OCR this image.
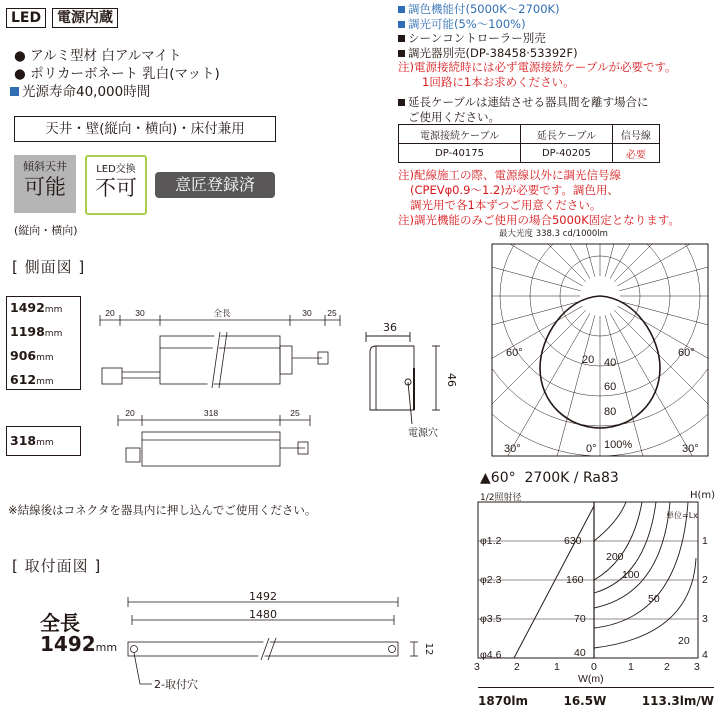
LED	電源内蔵
● アルミ型材 白アルマイト
● ポリカーボネート 乳白(マット)
光源寿命40,000時間
天井・壁(縦向・横向)・床付兼用
傾斜天井
可能
(縦向・横向)
LED交換
不可	意匠登録済
調色機能付(5000K〜2700K)
調光可能(5%〜100%)
シーンコントローラー別売
調光器別売(DP-38458·53392F)
注)電源接続時には必ず電源接続ケーブルが必要です。
1回路に1本お求めください。
延長ケーブルは連結させる器具間を離す場合に
ご使用ください。
電源接続ケーブル	延長ケーブル	信号線
DP-40175	DP-40205	必要
注)配線施工の際、電源線以外に調光信号線
(CPEVφ0.9〜1.2)が必要です。調色用、
調光用で各1本ずつご用意ください。
注)調光機能のみご使用の場合5000K固定となります。
[ 側面図 ]
1492mm
1198mm
906mm
612mm
318mm
20 30	全長	30 25
20	318	25
36
46
電源穴
※結線後はコネクタを器具内に押し込んでご使用ください。
[ 取付面図 ]
全長
1492mm
1492
1480
12
2-取付穴
最大光度 338.3 cd/1000lm
20 40
60
80
100%
60°	60°
30°	0°	30°
▲60° 2700K / Ra83
1/2照射径	H(m)
φ1.2
φ2.3
φ3.5
φ4.6
1
2
3
4
630
200
160	100
70
50
40
20
3	2	1	0	1	2 3
W(m)
単位=Lx
1870lm	16.5W	113.3lm/W
